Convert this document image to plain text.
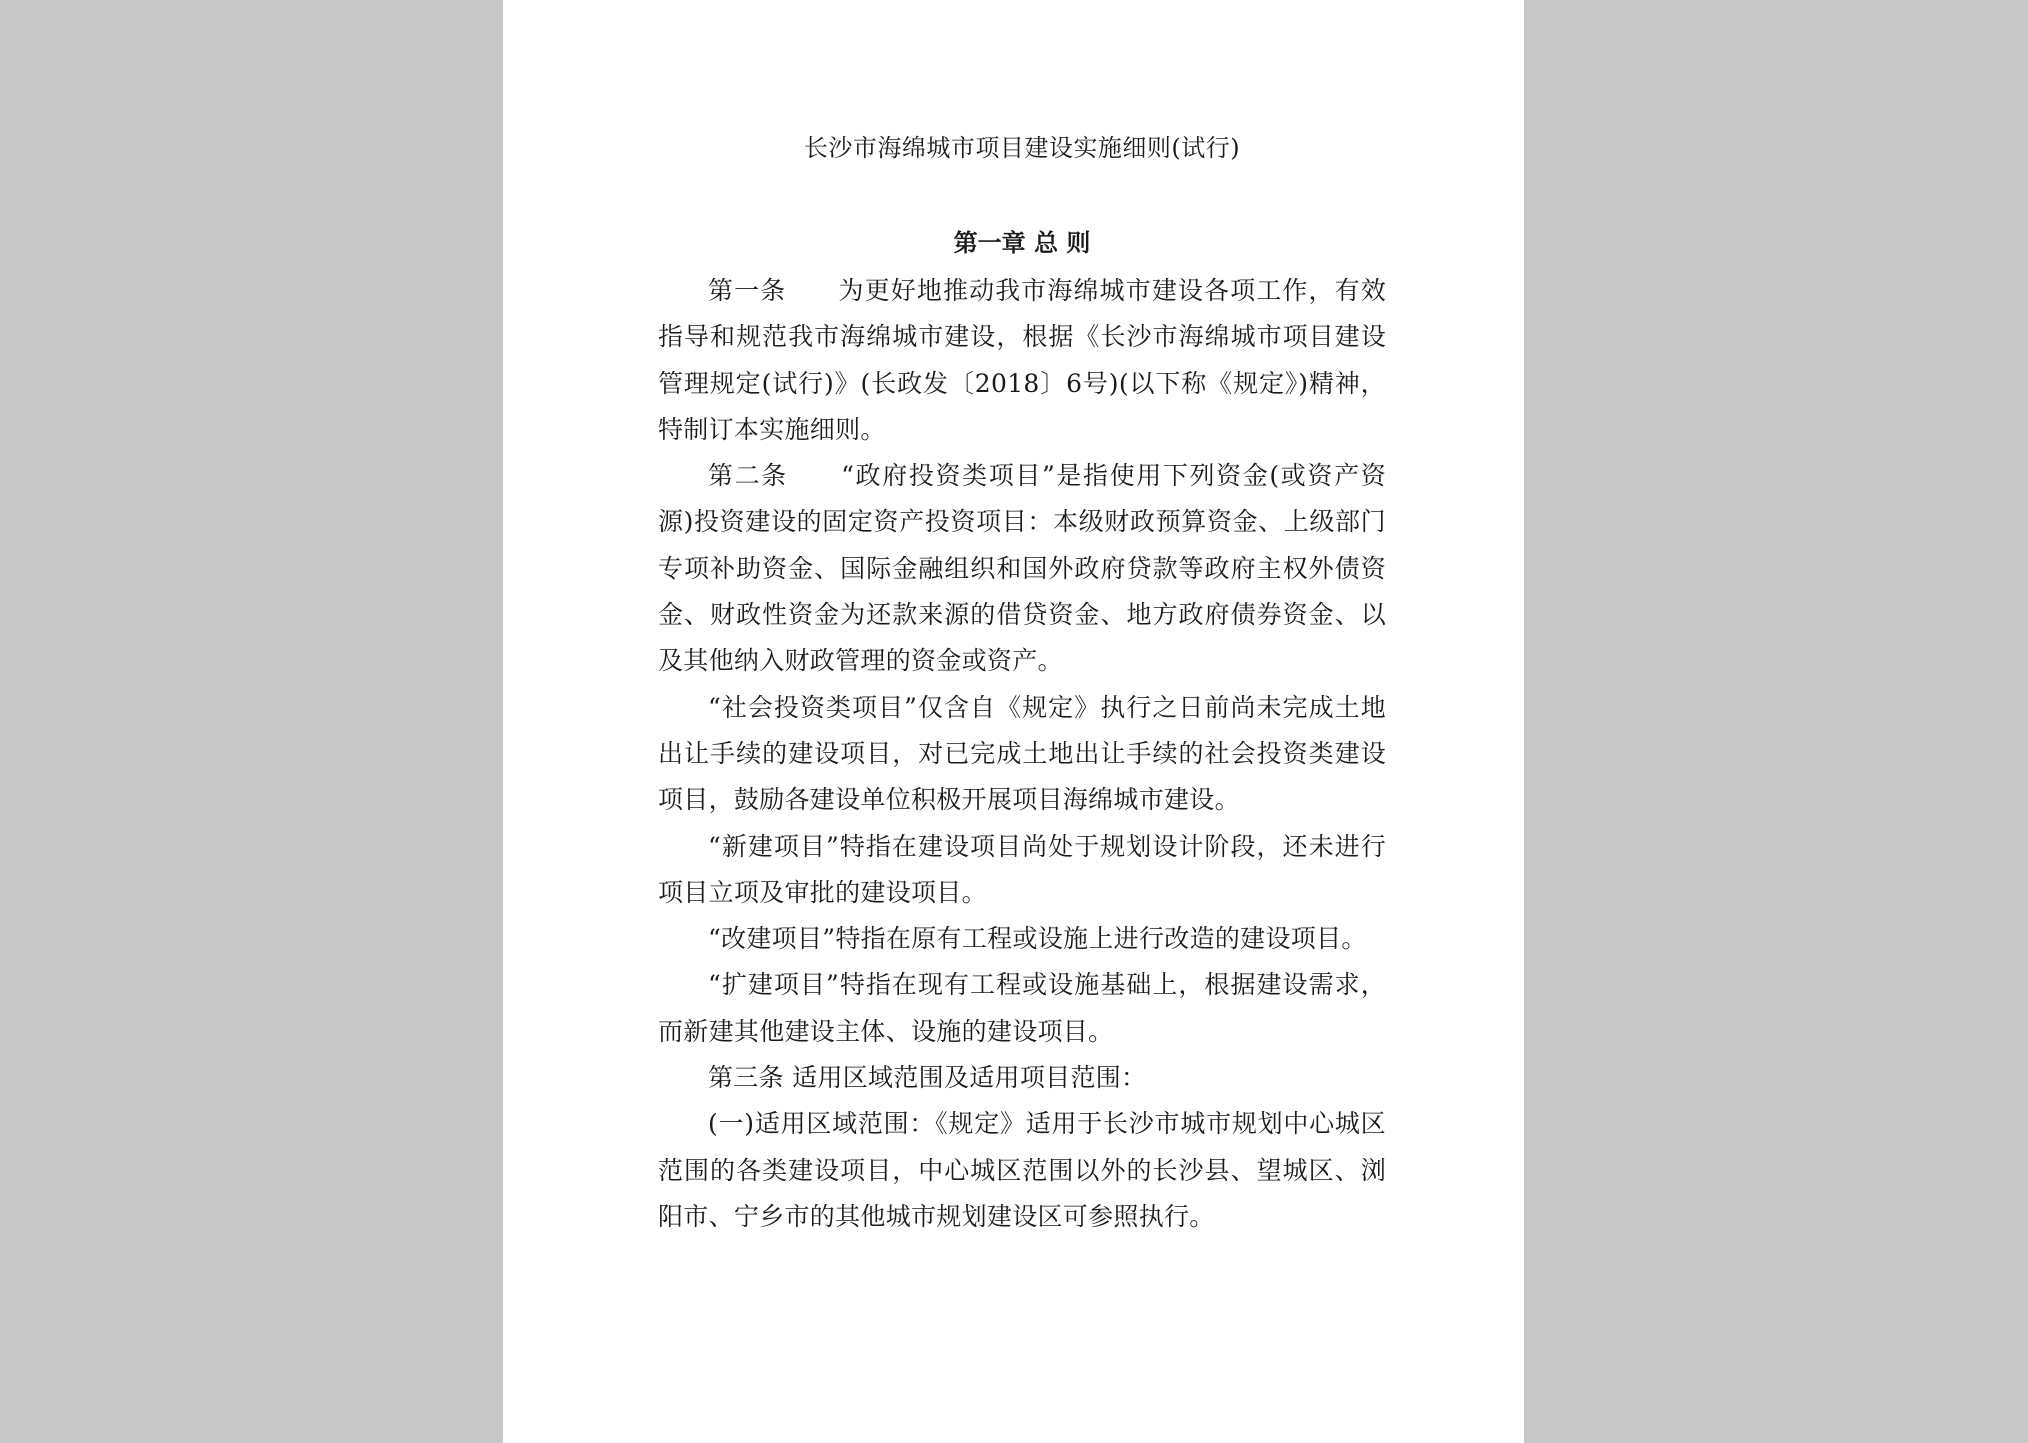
长沙市海绵城市项目建设实施细则(试行)
第一章 总 则

第一条　　为更好地推动我市海绵城市建设各项工作，有效指导和规范我市海绵城市建设，根据《长沙市海绵城市项目建设管理规定(试行)》(长政发〔2018〕6号)(以下称《规定》)精神，特制订本实施细则。

第二条　　“政府投资类项目”是指使用下列资金(或资产资源)投资建设的固定资产投资项目：本级财政预算资金、上级部门专项补助资金、国际金融组织和国外政府贷款等政府主权外债资金、财政性资金为还款来源的借贷资金、地方政府债券资金、以及其他纳入财政管理的资金或资产。

“社会投资类项目”仅含自《规定》执行之日前尚未完成土地出让手续的建设项目，对已完成土地出让手续的社会投资类建设项目，鼓励各建设单位积极开展项目海绵城市建设。

“新建项目”特指在建设项目尚处于规划设计阶段，还未进行项目立项及审批的建设项目。

“改建项目”特指在原有工程或设施上进行改造的建设项目。

“扩建项目”特指在现有工程或设施基础上，根据建设需求，而新建其他建设主体、设施的建设项目。

第三条 适用区域范围及适用项目范围：

(一)适用区域范围：《规定》适用于长沙市城市规划中心城区范围的各类建设项目，中心城区范围以外的长沙县、望城区、浏阳市、宁乡市的其他城市规划建设区可参照执行。
